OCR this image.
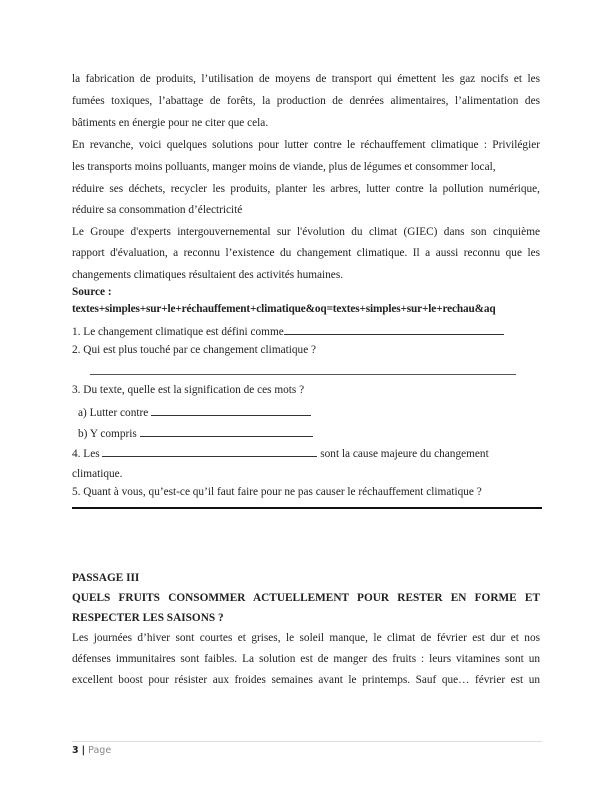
la fabrication de produits, l’utilisation de moyens de transport qui émettent les gaz nocifs et les
fumées toxiques, l’abattage de forêts, la production de denrées alimentaires, l’alimentation des
bâtiments en énergie pour ne citer que cela.
En revanche, voici quelques solutions pour lutter contre le réchauffement climatique : Privilégier
les transports moins polluants, manger moins de viande, plus de légumes et consommer local,
réduire ses déchets, recycler les produits, planter les arbres, lutter contre la pollution numérique,
réduire sa consommation d’électricité
Le Groupe d'experts intergouvernemental sur l'évolution du climat (GIEC) dans son cinquième
rapport d'évaluation, a reconnu l’existence du changement climatique. Il a aussi reconnu que les
changements climatiques résultaient des activités humaines.
Source :
textes+simples+sur+le+réchauffement+climatique&oq=textes+simples+sur+le+rechau&aq
1. Le changement climatique est défini comme
2. Qui est plus touché par ce changement climatique ?
3. Du texte, quelle est la signification de ces mots ?
a) Lutter contre
b) Y compris
4. Les	sont la cause majeure du changement
climatique.
5. Quant à vous, qu’est-ce qu’il faut faire pour ne pas causer le réchauffement climatique ?
PASSAGE III
QUELS FRUITS CONSOMMER ACTUELLEMENT POUR RESTER EN FORME ET
RESPECTER LES SAISONS ?
Les journées d’hiver sont courtes et grises, le soleil manque, le climat de février est dur et nos
défenses immunitaires sont faibles. La solution est de manger des fruits : leurs vitamines sont un
excellent boost pour résister aux froides semaines avant le printemps. Sauf que… février est un
3 | Page
